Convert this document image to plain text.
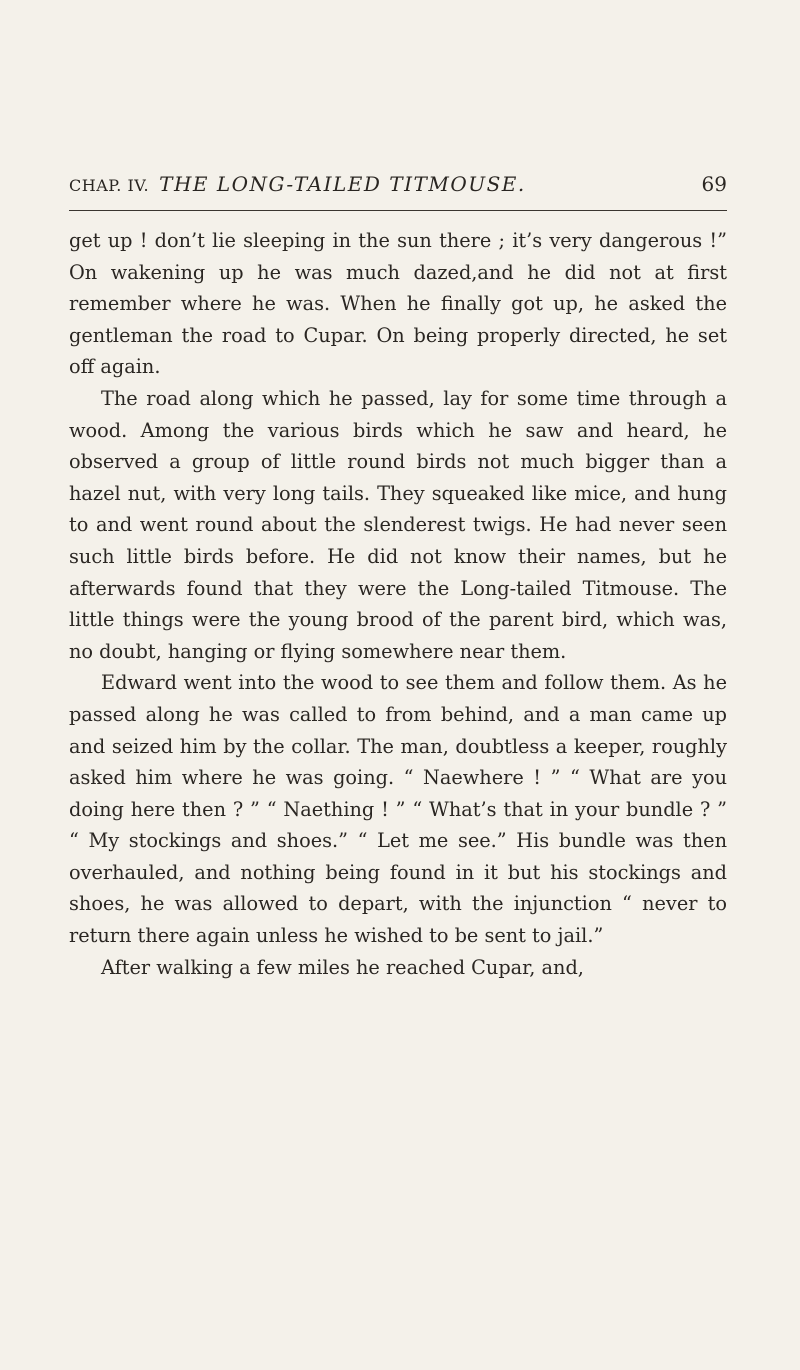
CHAP. IV. THE LONG-TAILED TITMOUSE.	69

get up ! don’t lie sleeping in the sun there ; it’s very dangerous !” On wakening up he was much dazed,and he did not at first remember where he was. When he finally got up, he asked the gentleman the road to Cupar. On being properly directed, he set off again.

The road along which he passed, lay for some time through a wood. Among the various birds which he saw and heard, he observed a group of little round birds not much bigger than a hazel nut, with very long tails. They squeaked like mice, and hung to and went round about the slenderest twigs. He had never seen such little birds before. He did not know their names, but he afterwards found that they were the Long-tailed Titmouse. The little things were the young brood of the parent bird, which was, no doubt, hanging or flying somewhere near them.

Edward went into the wood to see them and follow them. As he passed along he was called to from behind, and a man came up and seized him by the collar. The man, doubtless a keeper, roughly asked him where he was going. “ Naewhere ! ” “ What are you doing here then ? ” “ Naething ! ” “ What’s that in your bundle ? ” “ My stockings and shoes.” “ Let me see.” His bundle was then overhauled, and nothing being found in it but his stockings and shoes, he was allowed to depart, with the injunction “ never to return there again unless he wished to be sent to jail.”

After walking a few miles he reached Cupar, and,
